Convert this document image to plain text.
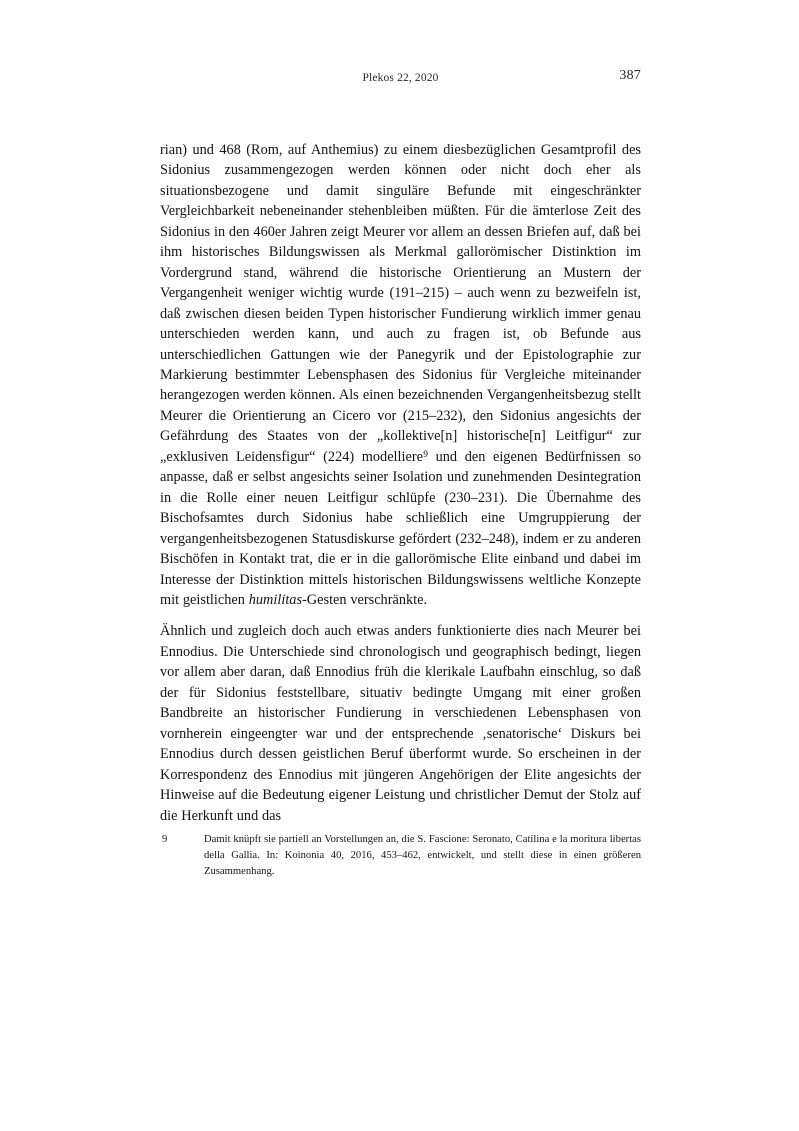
Plekos 22, 2020	387

rian) und 468 (Rom, auf Anthemius) zu einem diesbezüglichen Gesamtprofil des Sidonius zusammengezogen werden können oder nicht doch eher als situationsbezogene und damit singuläre Befunde mit eingeschränkter Vergleichbarkeit nebeneinander stehenbleiben müßten. Für die ämterlose Zeit des Sidonius in den 460er Jahren zeigt Meurer vor allem an dessen Briefen auf, daß bei ihm historisches Bildungswissen als Merkmal gallorömischer Distinktion im Vordergrund stand, während die historische Orientierung an Mustern der Vergangenheit weniger wichtig wurde (191–215) – auch wenn zu bezweifeln ist, daß zwischen diesen beiden Typen historischer Fundierung wirklich immer genau unterschieden werden kann, und auch zu fragen ist, ob Befunde aus unterschiedlichen Gattungen wie der Panegyrik und der Epistolographie zur Markierung bestimmter Lebensphasen des Sidonius für Vergleiche miteinander herangezogen werden können. Als einen bezeichnenden Vergangenheitsbezug stellt Meurer die Orientierung an Cicero vor (215–232), den Sidonius angesichts der Gefährdung des Staates von der „kollektive[n] historische[n] Leitfigur“ zur „exklusiven Leidensfigur“ (224) modelliere$^9$ und den eigenen Bedürfnissen so anpasse, daß er selbst angesichts seiner Isolation und zunehmenden Desintegration in die Rolle einer neuen Leitfigur schlüpfe (230–231). Die Übernahme des Bischofsamtes durch Sidonius habe schließlich eine Umgruppierung der vergangenheitsbezogenen Statusdiskurse gefördert (232–248), indem er zu anderen Bischöfen in Kontakt trat, die er in die gallorömische Elite einband und dabei im Interesse der Distinktion mittels historischen Bildungswissens weltliche Konzepte mit geistlichen humilitas-Gesten verschränkte.

Ähnlich und zugleich doch auch etwas anders funktionierte dies nach Meurer bei Ennodius. Die Unterschiede sind chronologisch und geographisch bedingt, liegen vor allem aber daran, daß Ennodius früh die klerikale Laufbahn einschlug, so daß der für Sidonius feststellbare, situativ bedingte Umgang mit einer großen Bandbreite an historischer Fundierung in verschiedenen Lebensphasen von vornherein eingeengter war und der entsprechende ‚senatorische‘ Diskurs bei Ennodius durch dessen geistlichen Beruf überformt wurde. So erscheinen in der Korrespondenz des Ennodius mit jüngeren Angehörigen der Elite angesichts der Hinweise auf die Bedeutung eigener Leistung und christlicher Demut der Stolz auf die Herkunft und das

9	Damit knüpft sie partiell an Vorstellungen an, die S. Fascione: Seronato, Catilina e la moritura libertas della Gallia. In: Koinonia 40, 2016, 453–462, entwickelt, und stellt diese in einen größeren Zusammenhang.
